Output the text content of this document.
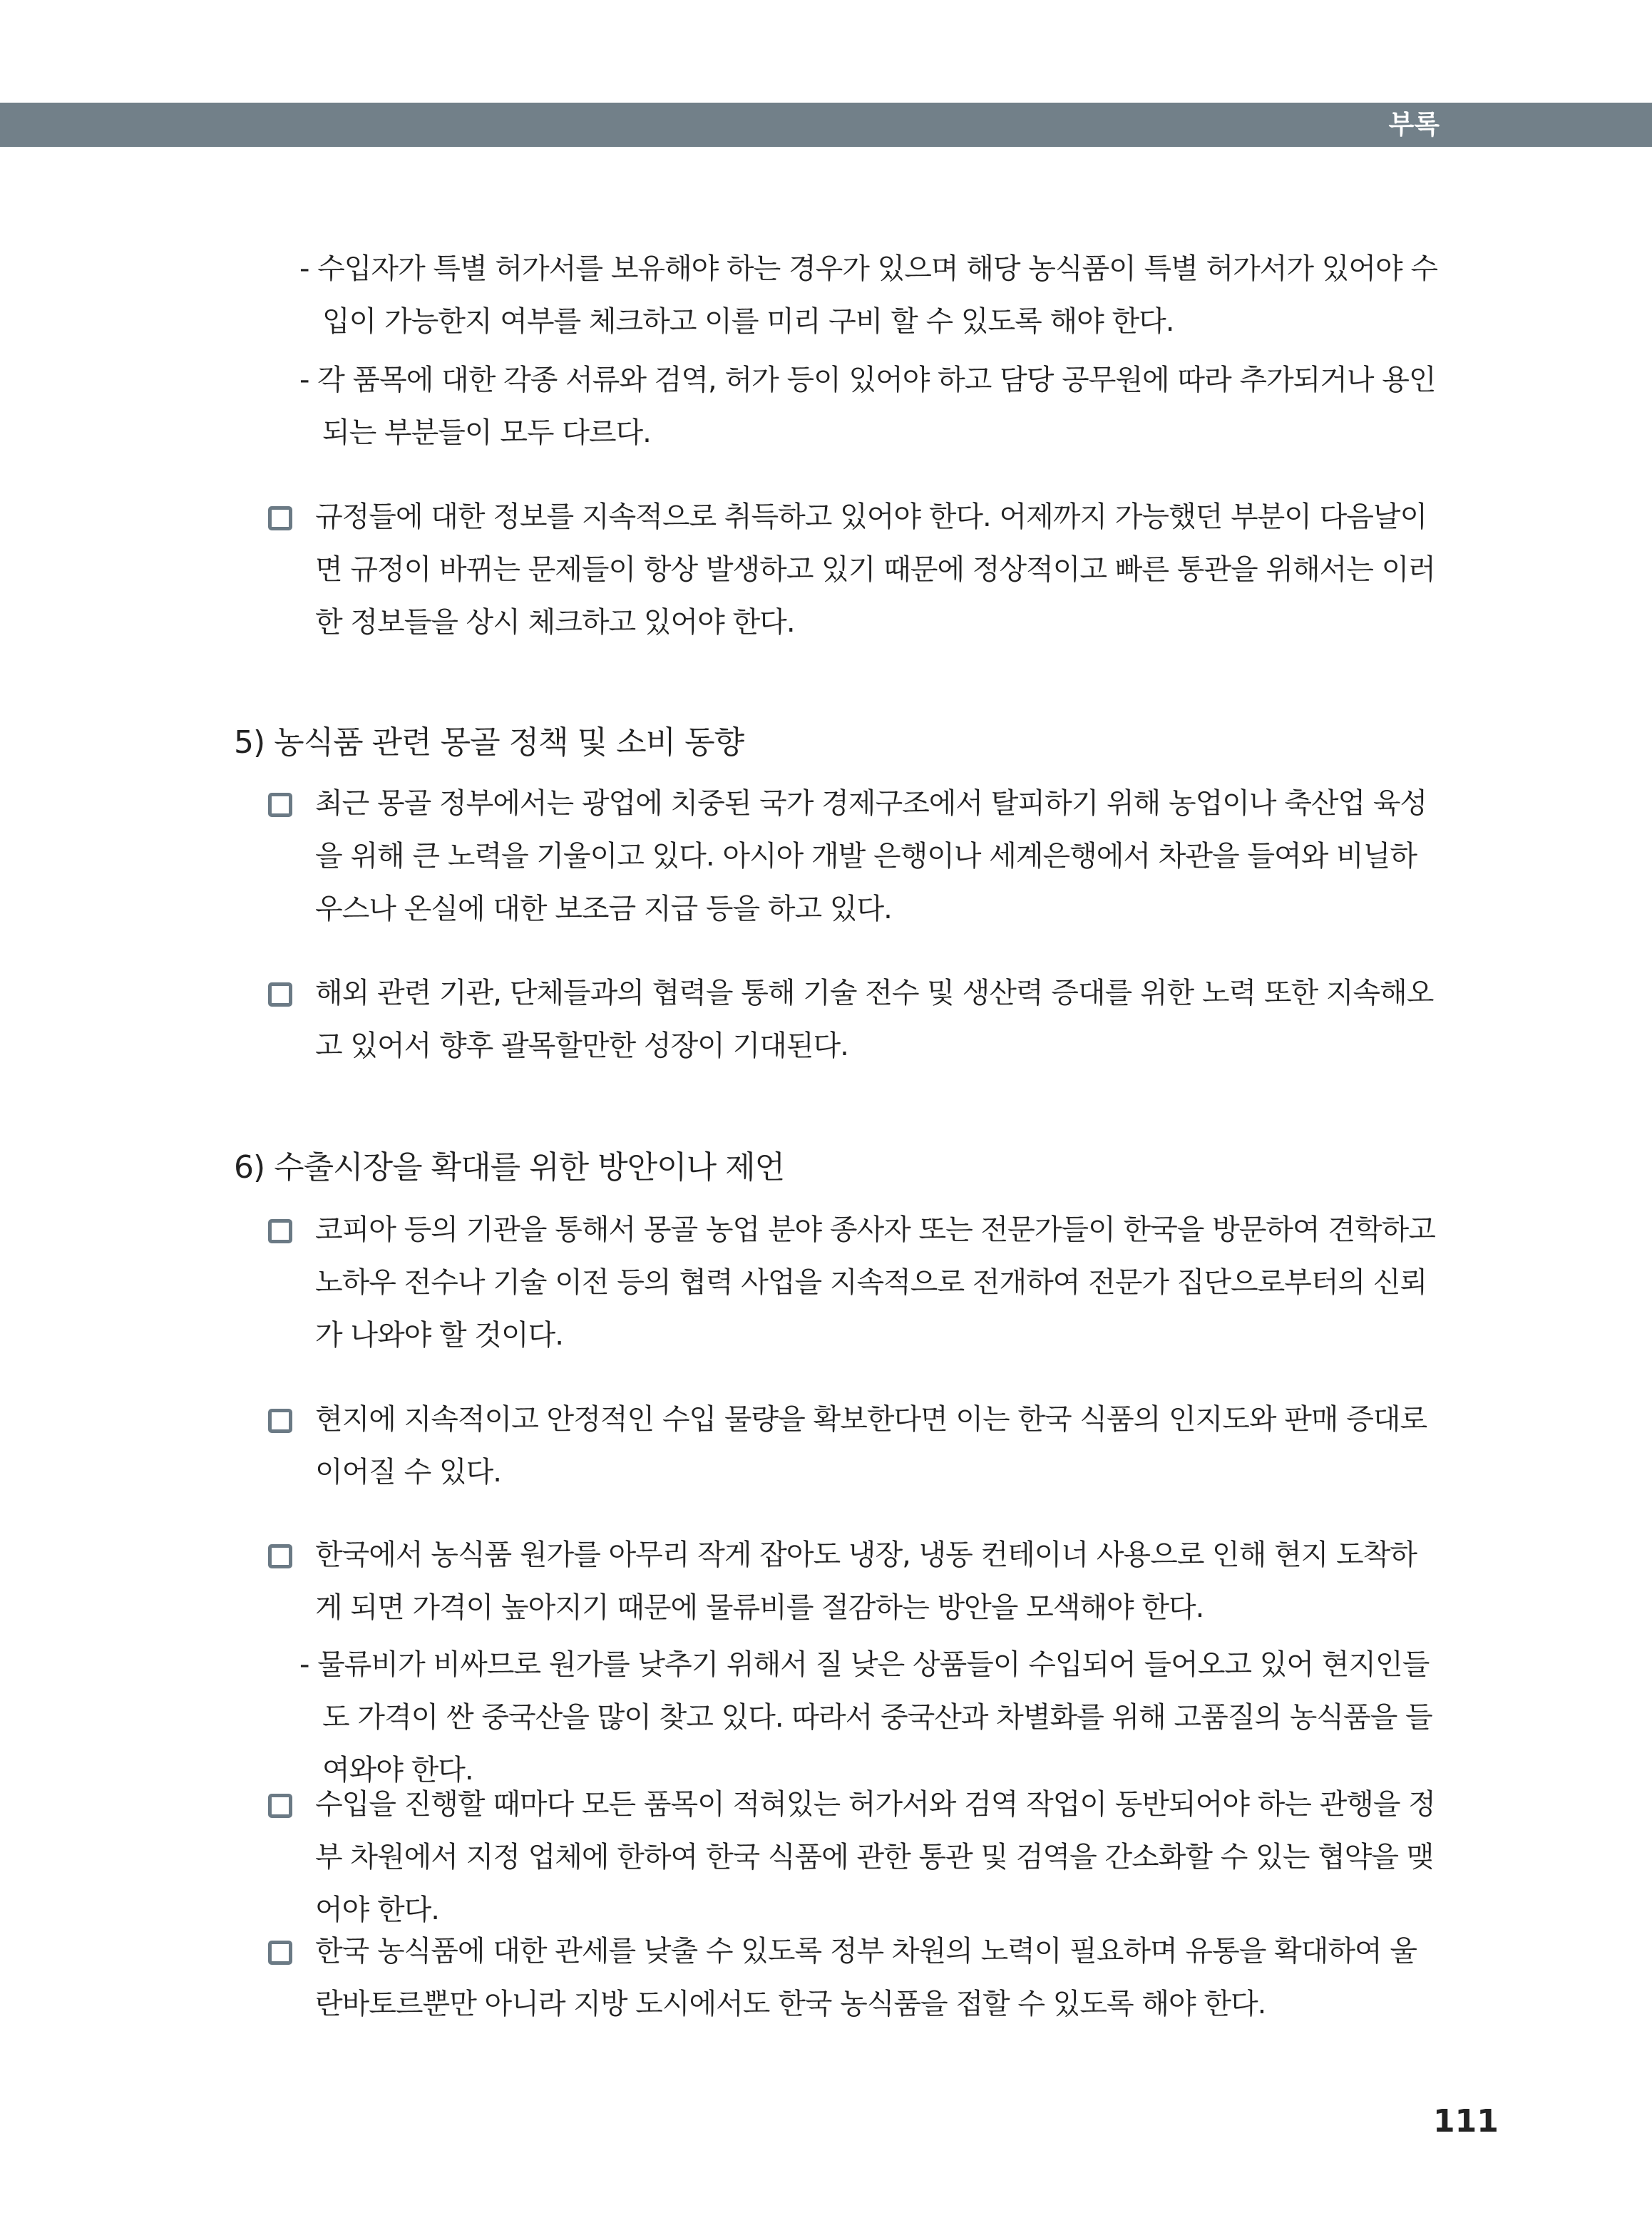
부록
- 수입자가 특별 허가서를 보유해야 하는 경우가 있으며 해당 농식품이 특별 허가서가 있어야 수입이 가능한지 여부를 체크하고 이를 미리 구비 할 수 있도록 해야 한다.
- 각 품목에 대한 각종 서류와 검역, 허가 등이 있어야 하고 담당 공무원에 따라 추가되거나 용인되는 부분들이 모두 다르다.
규정들에 대한 정보를 지속적으로 취득하고 있어야 한다. 어제까지 가능했던 부분이 다음날이면 규정이 바뀌는 문제들이 항상 발생하고 있기 때문에 정상적이고 빠른 통관을 위해서는 이러한 정보들을 상시 체크하고 있어야 한다.
5) 농식품 관련 몽골 정책 및 소비 동향
최근 몽골 정부에서는 광업에 치중된 국가 경제구조에서 탈피하기 위해 농업이나 축산업 육성을 위해 큰 노력을 기울이고 있다. 아시아 개발 은행이나 세계은행에서 차관을 들여와 비닐하우스나 온실에 대한 보조금 지급 등을 하고 있다.
해외 관련 기관, 단체들과의 협력을 통해 기술 전수 및 생산력 증대를 위한 노력 또한 지속해오고 있어서 향후 괄목할만한 성장이 기대된다.
6) 수출시장을 확대를 위한 방안이나 제언
코피아 등의 기관을 통해서 몽골 농업 분야 종사자 또는 전문가들이 한국을 방문하여 견학하고 노하우 전수나 기술 이전 등의 협력 사업을 지속적으로 전개하여 전문가 집단으로부터의 신뢰가 나와야 할 것이다.
현지에 지속적이고 안정적인 수입 물량을 확보한다면 이는 한국 식품의 인지도와 판매 증대로 이어질 수 있다.
한국에서 농식품 원가를 아무리 작게 잡아도 냉장, 냉동 컨테이너 사용으로 인해 현지 도착하게 되면 가격이 높아지기 때문에 물류비를 절감하는 방안을 모색해야 한다.
- 물류비가 비싸므로 원가를 낮추기 위해서 질 낮은 상품들이 수입되어 들어오고 있어 현지인들도 가격이 싼 중국산을 많이 찾고 있다. 따라서 중국산과 차별화를 위해 고품질의 농식품을 들여와야 한다.
수입을 진행할 때마다 모든 품목이 적혀있는 허가서와 검역 작업이 동반되어야 하는 관행을 정부 차원에서 지정 업체에 한하여 한국 식품에 관한 통관 및 검역을 간소화할 수 있는 협약을 맺어야 한다.
한국 농식품에 대한 관세를 낮출 수 있도록 정부 차원의 노력이 필요하며 유통을 확대하여 울란바토르뿐만 아니라 지방 도시에서도 한국 농식품을 접할 수 있도록 해야 한다.
111
